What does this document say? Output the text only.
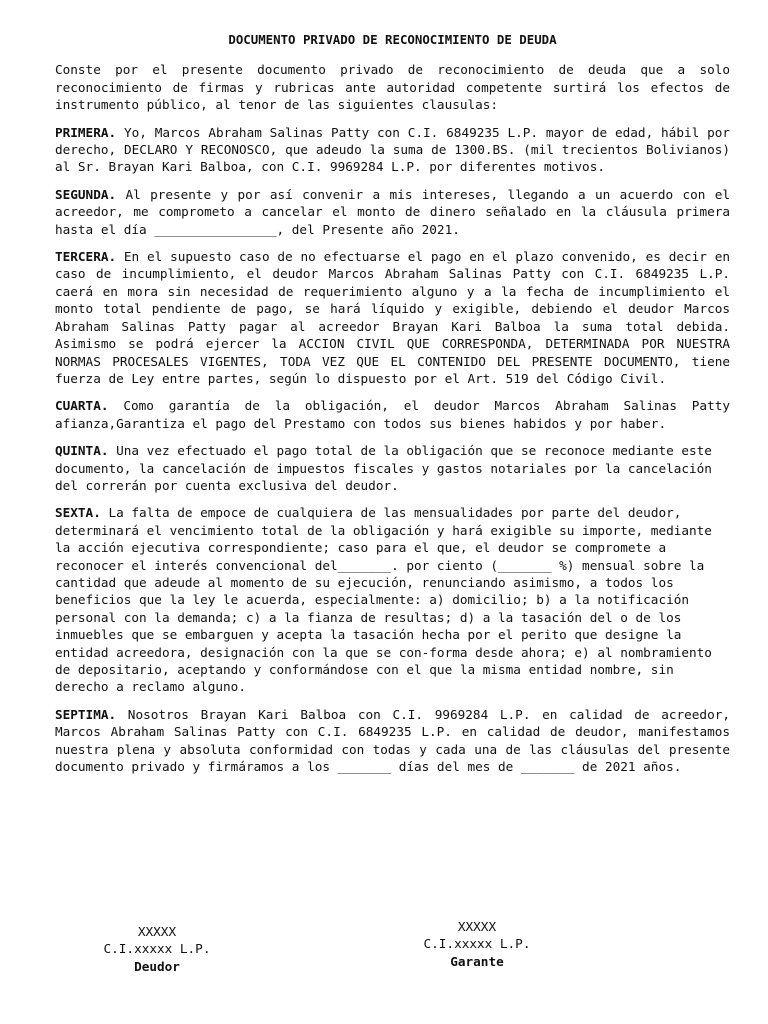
DOCUMENTO PRIVADO DE RECONOCIMIENTO DE DEUDA

Conste por el presente documento privado de reconocimiento de deuda que a solo reconocimiento de firmas y rubricas ante autoridad competente surtirá los efectos de instrumento público, al tenor de las siguientes clausulas:

PRIMERA. Yo, Marcos Abraham Salinas Patty con C.I. 6849235 L.P. mayor de edad, hábil por derecho, DECLARO Y RECONOSCO, que adeudo la suma de 1300.BS. (mil trecientos Bolivianos) al Sr. Brayan Kari Balboa, con C.I. 9969284 L.P. por diferentes motivos.

SEGUNDA. Al presente y por así convenir a mis intereses, llegando a un acuerdo con el acreedor, me comprometo a cancelar el monto de dinero señalado en la cláusula primera hasta el día ________________, del Presente año 2021.

TERCERA. En el supuesto caso de no efectuarse el pago en el plazo convenido, es decir en caso de incumplimiento, el deudor Marcos Abraham Salinas Patty con C.I. 6849235 L.P. caerá en mora sin necesidad de requerimiento alguno y a la fecha de incumplimiento el monto total pendiente de pago, se hará líquido y exigible, debiendo el deudor Marcos Abraham Salinas Patty pagar al acreedor Brayan Kari Balboa la suma total debida. Asimismo se podrá ejercer la ACCION CIVIL QUE CORRESPONDA, DETERMINADA POR NUESTRA NORMAS PROCESALES VIGENTES, TODA VEZ QUE EL CONTENIDO DEL PRESENTE DOCUMENTO, tiene fuerza de Ley entre partes, según lo dispuesto por el Art. 519 del Código Civil.

CUARTA. Como garantía de la obligación, el deudor Marcos Abraham Salinas Patty afianza,Garantiza el pago del Prestamo con todos sus bienes habidos y por haber.

QUINTA. Una vez efectuado el pago total de la obligación que se reconoce mediante este documento, la cancelación de impuestos fiscales y gastos notariales por la cancelación del correrán por cuenta exclusiva del deudor.

SEXTA. La falta de empoce de cualquiera de las mensualidades por parte del deudor, determinará el vencimiento total de la obligación y hará exigible su importe, mediante la acción ejecutiva correspondiente; caso para el que, el deudor se compromete a reconocer el interés convencional del_______. por ciento (_______ %) mensual sobre la cantidad que adeude al momento de su ejecución, renunciando asimismo, a todos los beneficios que la ley le acuerda, especialmente: a) domicilio; b) a la notificación personal con la demanda; c) a la fianza de resultas; d) a la tasación del o de los inmuebles que se embarguen y acepta la tasación hecha por el perito que designe la entidad acreedora, designación con la que se con-forma desde ahora; e) al nombramiento de depositario, aceptando y conformándose con el que la misma entidad nombre, sin derecho a reclamo alguno.

SEPTIMA. Nosotros Brayan Kari Balboa con C.I. 9969284 L.P. en calidad de acreedor, Marcos Abraham Salinas Patty con C.I. 6849235 L.P. en calidad de deudor, manifestamos nuestra plena y absoluta conformidad con todas y cada una de las cláusulas del presente documento privado y firmáramos a los _______ días del mes de _______ de 2021 años.

XXXXX
C.I.xxxxx L.P.
Deudor
XXXXX
C.I.xxxxx L.P.
Garante
